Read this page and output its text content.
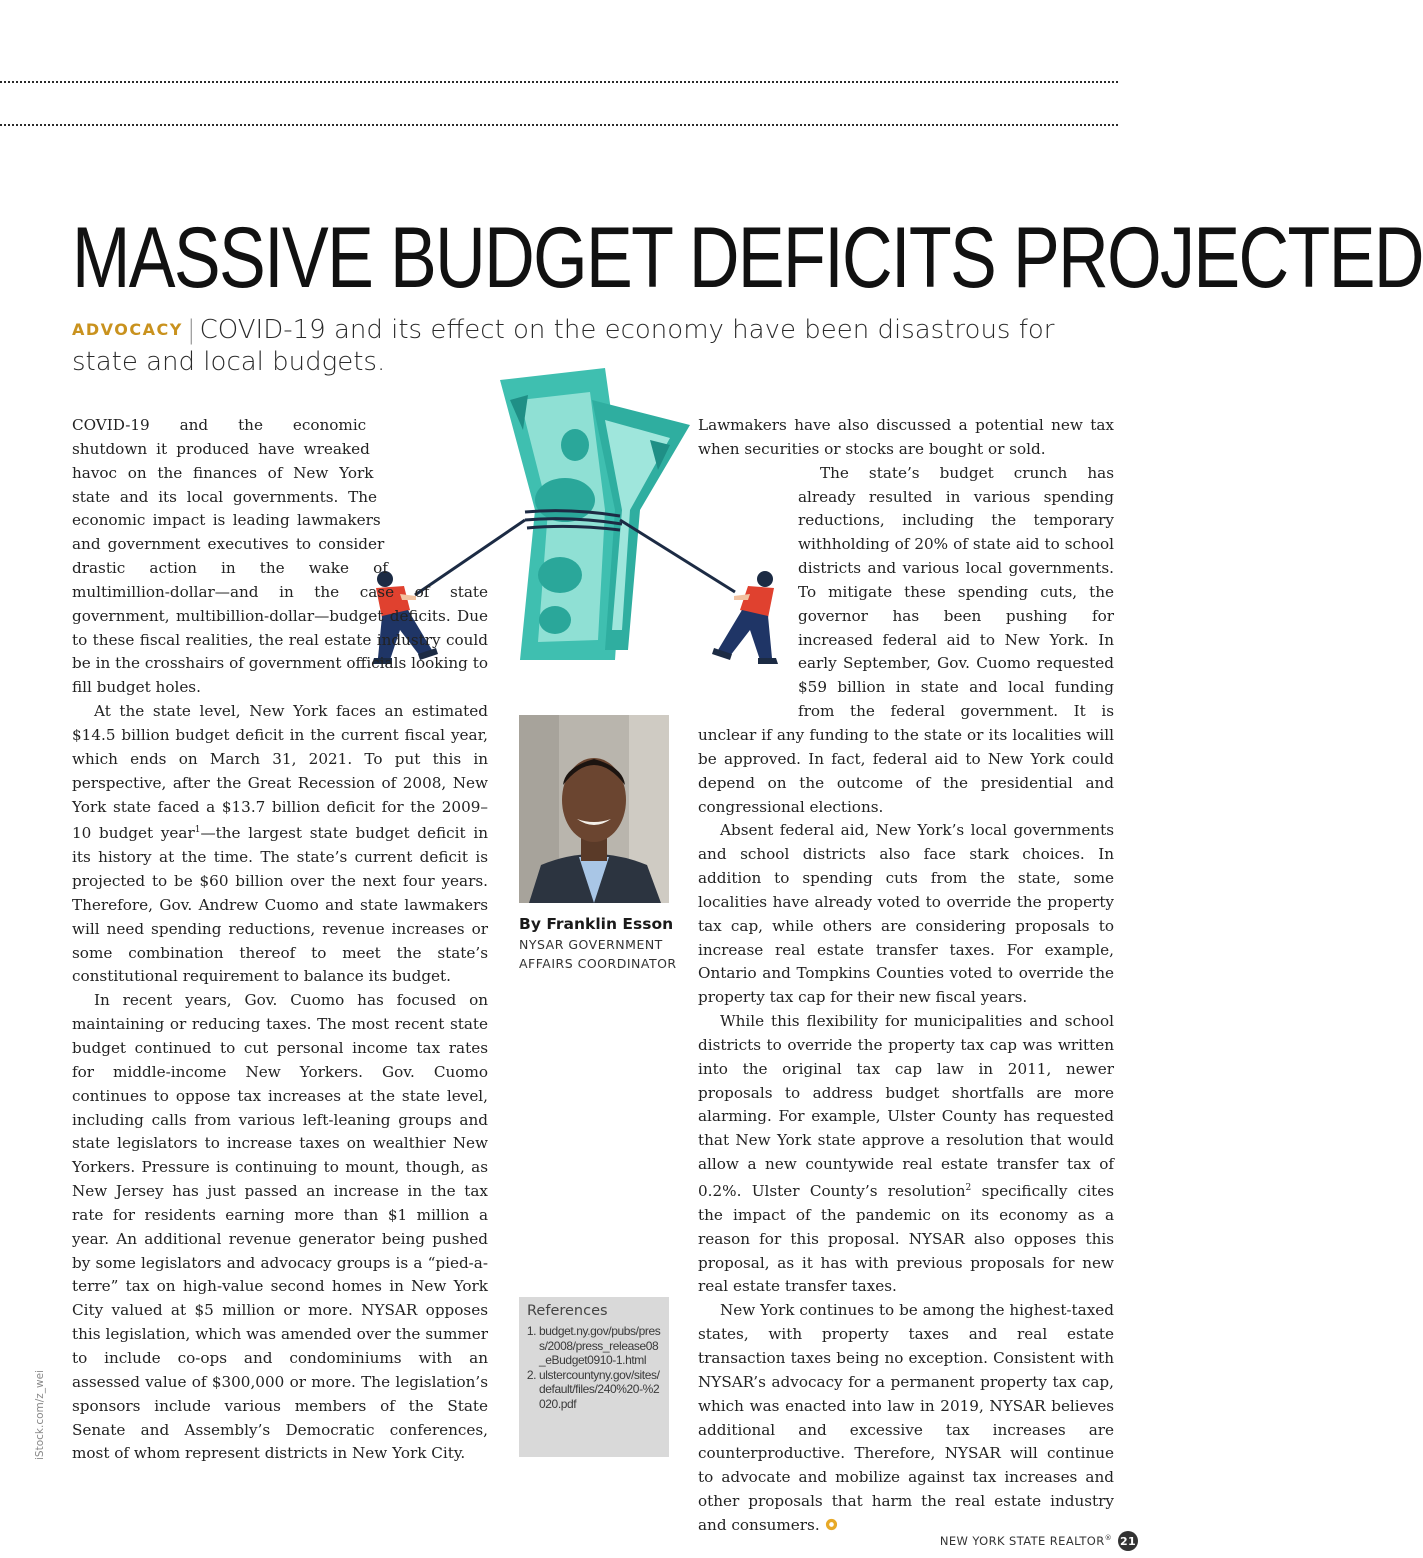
MASSIVE BUDGET DEFICITS PROJECTED
ADVOCACY | COVID-19 and its effect on the economy have been disastrous for state and local budgets.

COVID-19 and the economic shutdown it produced have wreaked havoc on the finances of New York state and its local governments. The economic impact is leading lawmakers and government executives to consider drastic action in the wake of multimillion-dollar—and in the case of state government, multibillion-dollar—budget deficits. Due to these fiscal realities, the real estate industry could be in the crosshairs of government officials looking to fill budget holes.

At the state level, New York faces an estimated $14.5 billion budget deficit in the current fiscal year, which ends on March 31, 2021. To put this in perspective, after the Great Recession of 2008, New York state faced a $13.7 billion deficit for the 2009–10 budget year$^1$—the largest state budget deficit in its history at the time. The state’s current deficit is projected to be $60 billion over the next four years. Therefore, Gov. Andrew Cuomo and state lawmakers will need spending reductions, revenue increases or some combination thereof to meet the state’s constitutional requirement to balance its budget.

In recent years, Gov. Cuomo has focused on maintaining or reducing taxes. The most recent state budget continued to cut personal income tax rates for middle-income New Yorkers. Gov. Cuomo continues to oppose tax increases at the state level, including calls from various left-leaning groups and state legislators to increase taxes on wealthier New Yorkers. Pressure is continuing to mount, though, as New Jersey has just passed an increase in the tax rate for residents earning more than $1 million a year. An additional revenue generator being pushed by some legislators and advocacy groups is a “pied-a-terre” tax on high-value second homes in New York City valued at $5 million or more. NYSAR opposes this legislation, which was amended over the summer to include co-ops and condominiums with an assessed value of $300,000 or more. The legislation’s sponsors include various members of the State Senate and Assembly’s Democratic conferences, most of whom represent districts in New York City.

Lawmakers have also discussed a potential new tax when securities or stocks are bought or sold.

The state’s budget crunch has already resulted in various spending reductions, including the temporary withholding of 20% of state aid to school districts and various local governments. To mitigate these spending cuts, the governor has been pushing for increased federal aid to New York. In early September, Gov. Cuomo requested $59 billion in state and local funding from the federal government. It is unclear if any funding to the state or its localities will be approved. In fact, federal aid to New York could depend on the outcome of the presidential and congressional elections.

Absent federal aid, New York’s local governments and school districts also face stark choices. In addition to spending cuts from the state, some localities have already voted to override the property tax cap, while others are considering proposals to increase real estate transfer taxes. For example, Ontario and Tompkins Counties voted to override the property tax cap for their new fiscal years.

While this flexibility for municipalities and school districts to override the property tax cap was written into the original tax cap law in 2011, newer proposals to address budget shortfalls are more alarming. For example, Ulster County has requested that New York state approve a resolution that would allow a new countywide real estate transfer tax of 0.2%. Ulster County’s resolution$^2$ specifically cites the impact of the pandemic on its economy as a reason for this proposal. NYSAR also opposes this proposal, as it has with previous proposals for new real estate transfer taxes.

New York continues to be among the highest-taxed states, with property taxes and real estate transaction taxes being no exception. Consistent with NYSAR’s advocacy for a permanent property tax cap, which was enacted into law in 2019, NYSAR believes additional and excessive tax increases are counterproductive. Therefore, NYSAR will continue to advocate and mobilize against tax increases and other proposals that harm the real estate industry and consumers.

By Franklin Esson
NYSAR GOVERNMENT AFFAIRS COORDINATOR
References
1. budget.ny.gov/pubs/press/2008/press_release08_eBudget0910-1.html
2. ulstercountyny.gov/sites/default/files/240%20-%2020.pdf
iStock.com/z_wei
NEW YORK STATE REALTOR® 21
